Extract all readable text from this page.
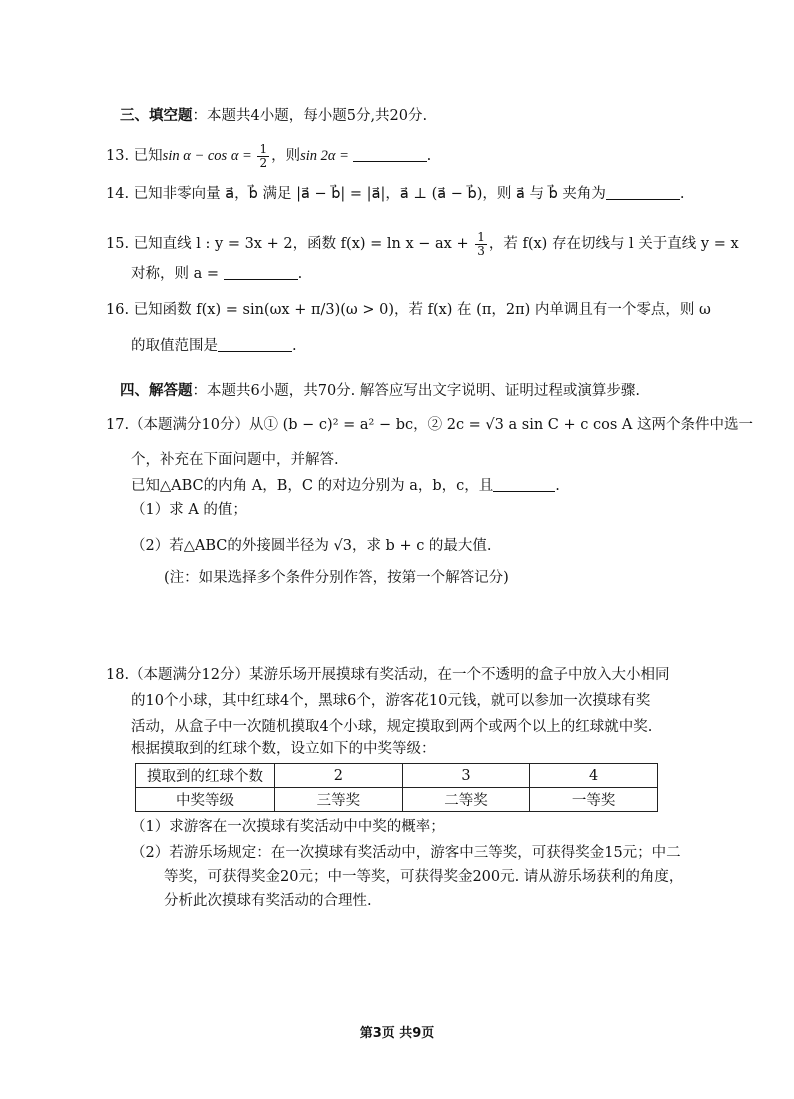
三、填空题：本题共4小题，每小题5分,共20分.
13. 已知$\sin \alpha - \cos \alpha = \frac{1}{2}$ ，则sin 2α =	.
14. 已知非零向量 a⃗，b⃗ 满足 |a⃗ − b⃗| = |a⃗|，a⃗ ⊥ (a⃗ − b⃗)，则 a⃗ 与 b⃗ 夹角为	.
15. 已知直线 l : y = 3x + 2，函数 f(x) = ln x − ax + $\frac{1}{3}$ ，若 f(x) 存在切线与 l 关于直线 y = x
对称，则 a =	.
16. 已知函数 f(x) = sin(ωx + π/3)(ω > 0)，若 f(x) 在 (π，2π) 内单调且有一个零点，则 ω
的取值范围是	.
四、解答题：本题共6小题，共70分. 解答应写出文字说明、证明过程或演算步骤.
17.（本题满分10分）从① (b − c)² = a² − bc，② 2c = √3 a sin C + c cos A 这两个条件中选一
个，补充在下面问题中，并解答.
已知△ABC的内角 A，B，C 的对边分别为 a，b，c，且	.
（1）求 A 的值；
（2）若△ABC的外接圆半径为 √3，求 b + c 的最大值.
(注：如果选择多个条件分别作答，按第一个解答记分)
18.（本题满分12分）某游乐场开展摸球有奖活动，在一个不透明的盒子中放入大小相同
的10个小球，其中红球4个，黑球6个，游客花10元钱，就可以参加一次摸球有奖
活动，从盒子中一次随机摸取4个小球，规定摸取到两个或两个以上的红球就中奖.
根据摸取到的红球个数，设立如下的中奖等级：
摸取到的红球个数	2	3	4
中奖等级	三等奖	二等奖	一等奖
（1）求游客在一次摸球有奖活动中中奖的概率；
（2）若游乐场规定：在一次摸球有奖活动中，游客中三等奖，可获得奖金15元；中二
等奖，可获得奖金20元；中一等奖，可获得奖金200元. 请从游乐场获利的角度，
分析此次摸球有奖活动的合理性.
第3页 共9页
